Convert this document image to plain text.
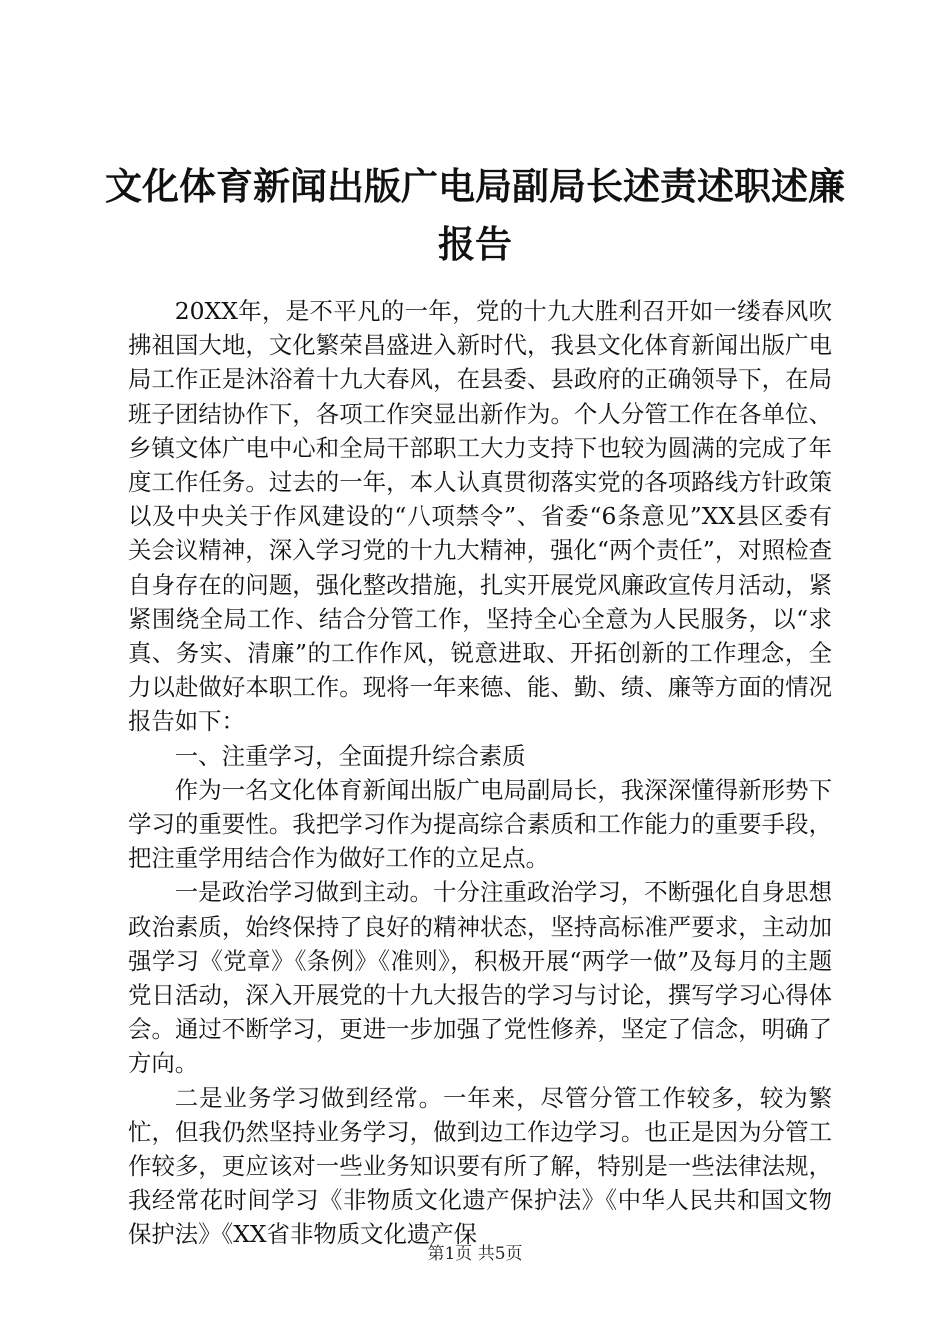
文化体育新闻出版广电局副局长述责述职述廉
报告

20XX年，是不平凡的一年，党的十九大胜利召开如一缕春风吹拂祖国大地，文化繁荣昌盛进入新时代，我县文化体育新闻出版广电局工作正是沐浴着十九大春风，在县委、县政府的正确领导下，在局班子团结协作下，各项工作突显出新作为。个人分管工作在各单位、乡镇文体广电中心和全局干部职工大力支持下也较为圆满的完成了年度工作任务。过去的一年，本人认真贯彻落实党的各项路线方针政策以及中央关于作风建设的“八项禁令”、省委“6条意见”XX县区委有关会议精神，深入学习党的十九大精神，强化“两个责任”，对照检查自身存在的问题，强化整改措施，扎实开展党风廉政宣传月活动，紧紧围绕全局工作、结合分管工作，坚持全心全意为人民服务，以“求真、务实、清廉”的工作作风，锐意进取、开拓创新的工作理念，全力以赴做好本职工作。现将一年来德、能、勤、绩、廉等方面的情况报告如下：

一、注重学习，全面提升综合素质

作为一名文化体育新闻出版广电局副局长，我深深懂得新形势下学习的重要性。我把学习作为提高综合素质和工作能力的重要手段，把注重学用结合作为做好工作的立足点。

一是政治学习做到主动。十分注重政治学习，不断强化自身思想政治素质，始终保持了良好的精神状态，坚持高标准严要求，主动加强学习《党章》《条例》《准则》，积极开展“两学一做”及每月的主题党日活动，深入开展党的十九大报告的学习与讨论，撰写学习心得体会。通过不断学习，更进一步加强了党性修养，坚定了信念，明确了方向。

二是业务学习做到经常。一年来，尽管分管工作较多，较为繁忙，但我仍然坚持业务学习，做到边工作边学习。也正是因为分管工作较多，更应该对一些业务知识要有所了解，特别是一些法律法规，我经常花时间学习《非物质文化遗产保护法》《中华人民共和国文物保护法》《XX省非物质文化遗产保

第1页 共5页
